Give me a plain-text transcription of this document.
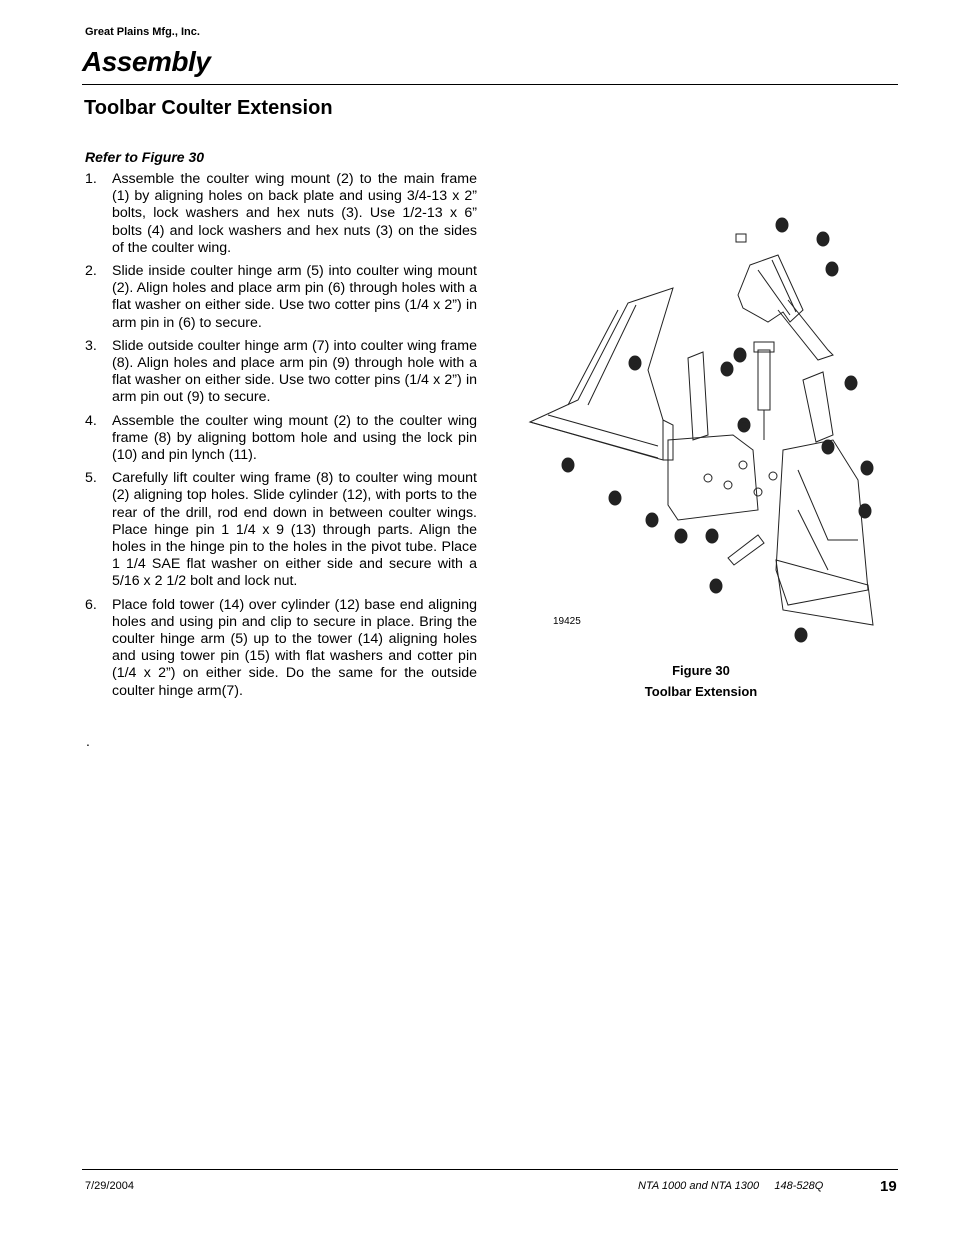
Great Plains Mfg., Inc.
Assembly
Toolbar Coulter Extension
Refer to Figure 30
1.	Assemble the coulter wing mount (2) to the main frame (1) by aligning holes on back plate and using 3/4-13 x 2” bolts, lock washers and hex nuts (3). Use 1/2-13 x 6” bolts (4) and lock washers and hex nuts (3) on the sides of the coulter wing.
2.	Slide inside coulter hinge arm (5) into coulter wing mount (2). Align holes and place arm pin (6) through holes with a flat washer on either side. Use two cotter pins (1/4 x 2”) in arm pin in (6) to secure.
3.	Slide outside coulter hinge arm (7) into coulter wing frame (8). Align holes and place arm pin (9) through hole with a flat washer on either side. Use two cotter pins (1/4 x 2”) in arm pin out (9) to secure.
4.	Assemble the coulter wing mount (2) to the coulter wing frame (8) by aligning bottom hole and using the lock pin (10) and pin lynch (11).
5.	Carefully lift coulter wing frame (8) to coulter wing mount (2) aligning top holes. Slide cylinder (12), with ports to the rear of the drill, rod end down in between coulter wings. Place hinge pin 1 1/4 x 9 (13) through parts. Align the holes in the hinge pin to the holes in the pivot tube. Place 1 1/4 SAE flat washer on either side and secure with a 5/16 x 2 1/2 bolt and lock nut.
6.	Place fold tower (14) over cylinder (12) base end aligning holes and using pin and clip to secure in place. Bring the coulter hinge arm (5) up to the tower (14) aligning holes and using tower pin (15) with flat washers and cotter pin (1/4 x 2”) on either side. Do the same for the outside coulter hinge arm(7).
.
14
15
16
3
12
5
7
6
3
1	9
4
11
2
3	3
10
8
19425
Figure 30
Toolbar Extension
7/29/2004	NTA 1000 and NTA 1300     148-528Q	19
